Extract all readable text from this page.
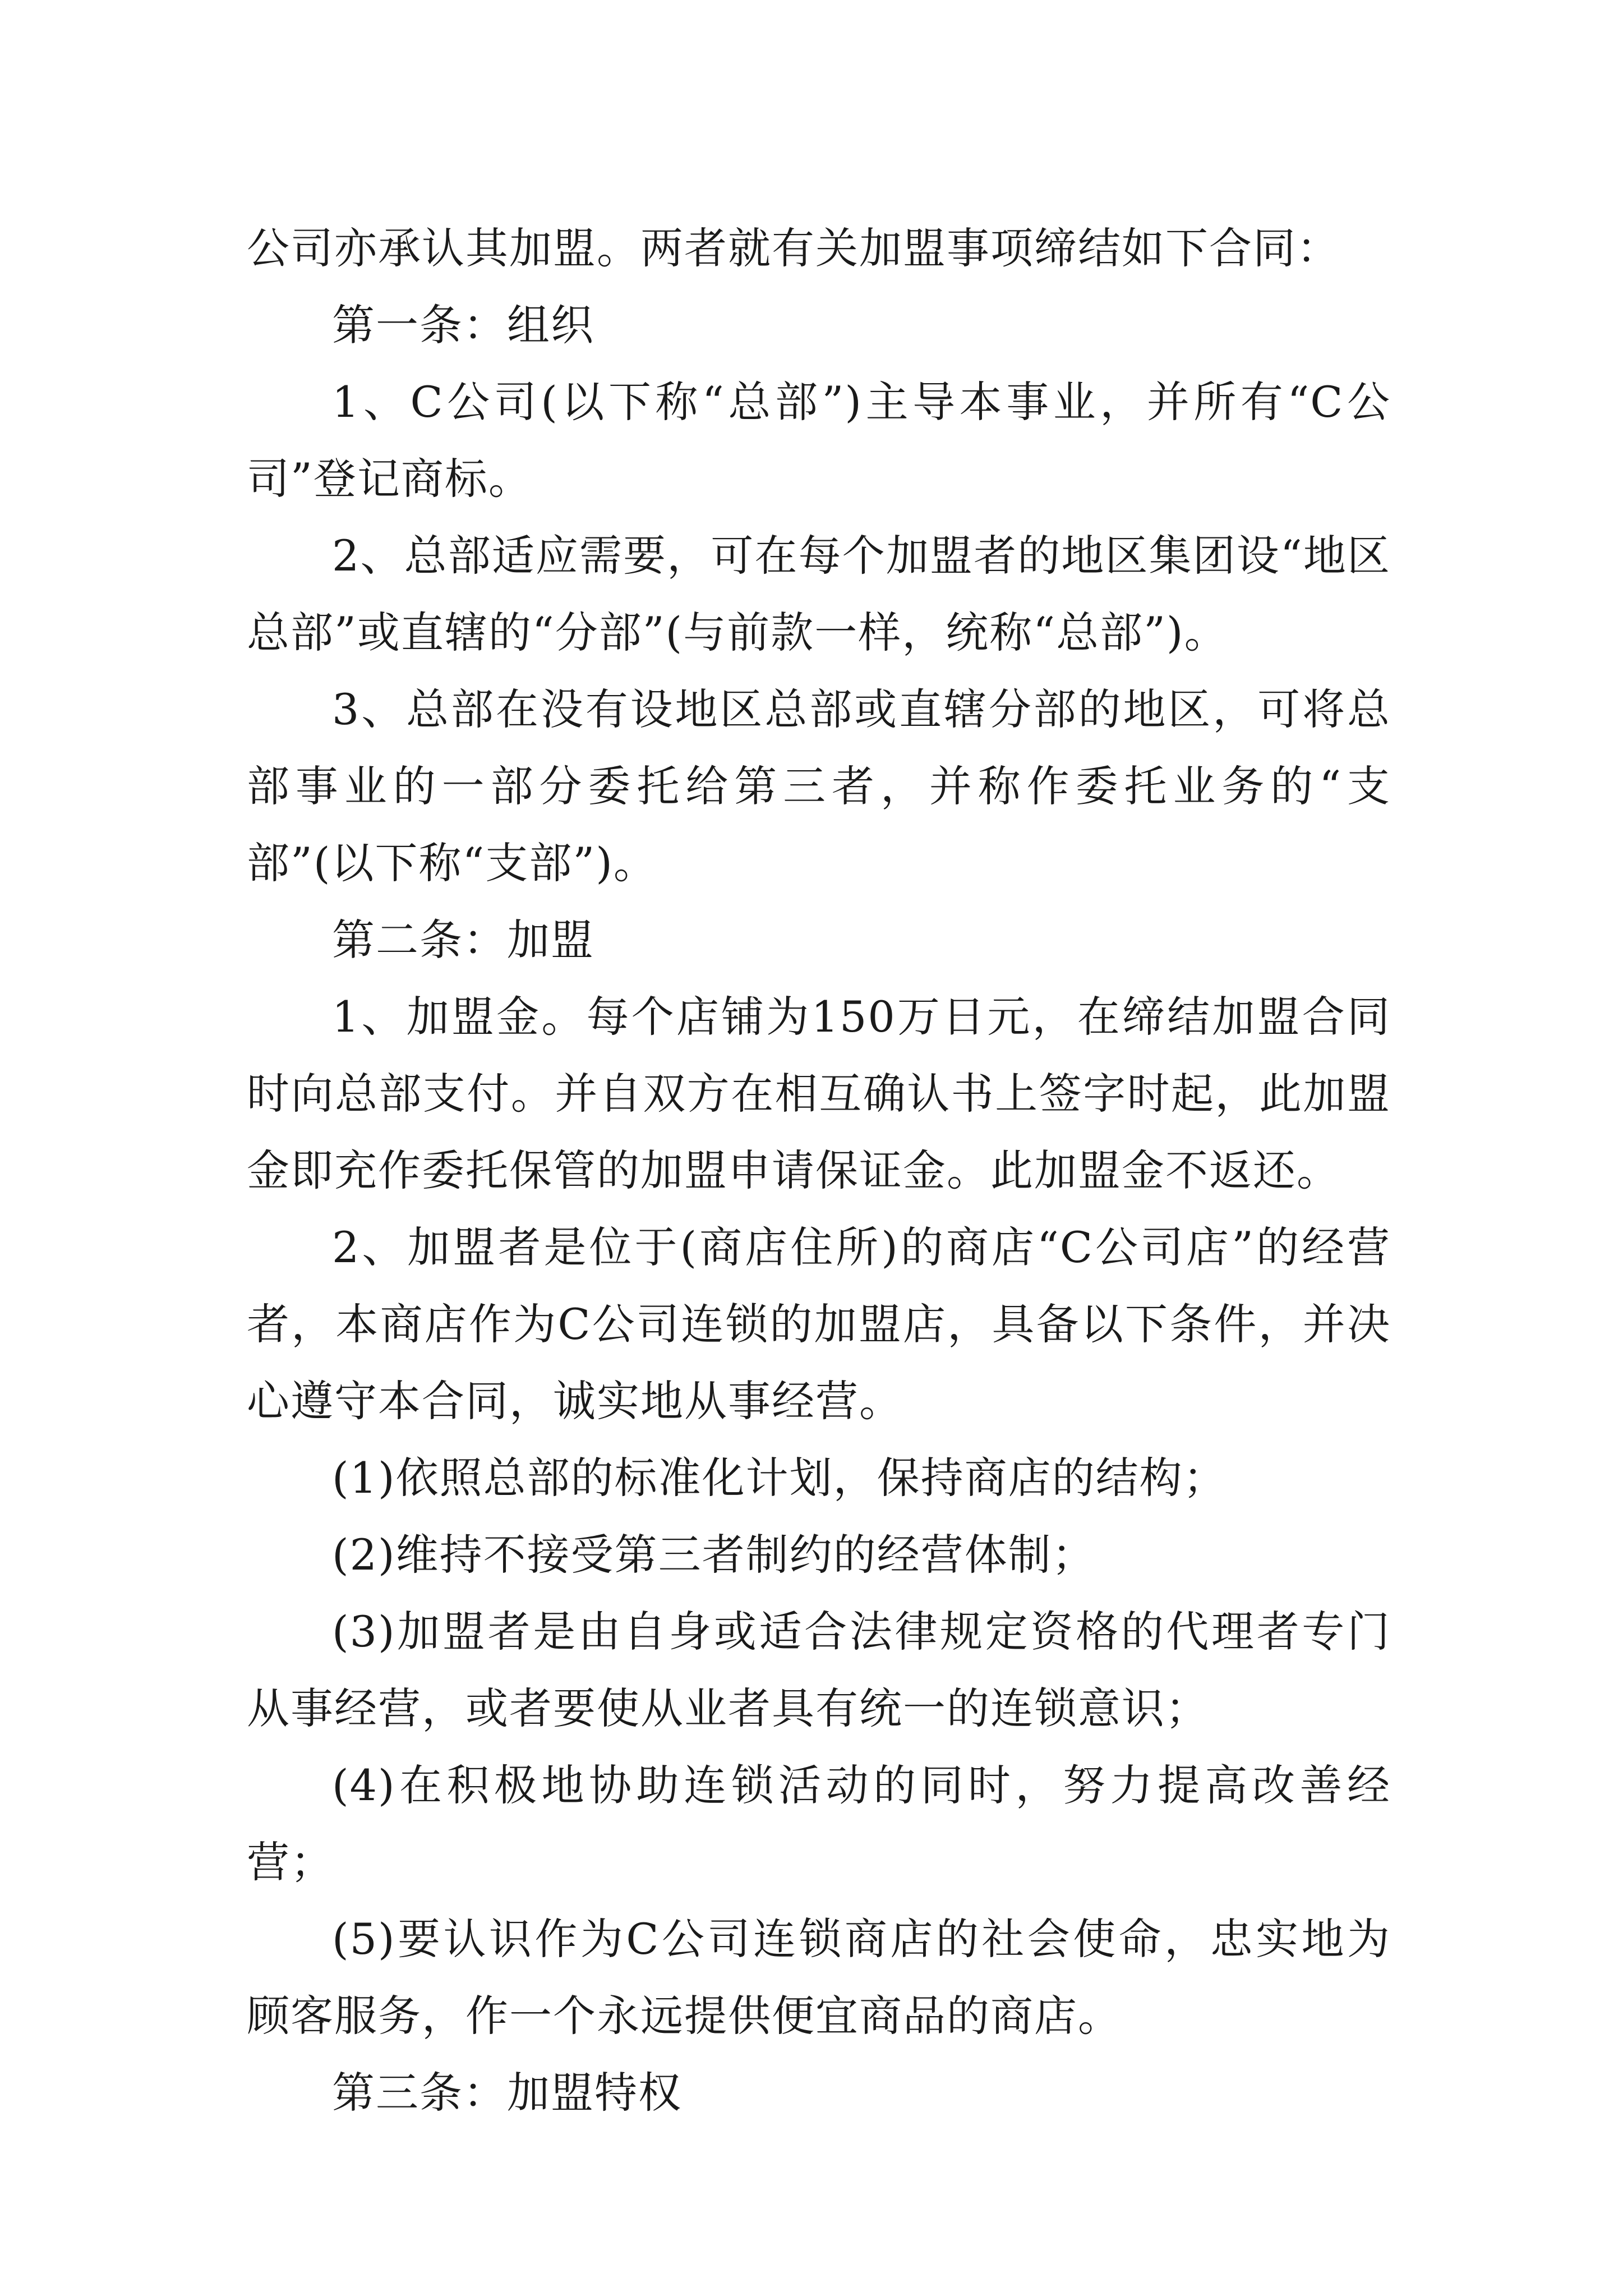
公司亦承认其加盟。两者就有关加盟事项缔结如下合同：

第一条：组织

1、C公司(以下称“总部”)主导本事业，并所有“C公司”登记商标。

2、总部适应需要，可在每个加盟者的地区集团设“地区总部”或直辖的“分部”(与前款一样，统称“总部”)。

3、总部在没有设地区总部或直辖分部的地区，可将总部事业的一部分委托给第三者，并称作委托业务的“支部”(以下称“支部”)。

第二条：加盟

1、加盟金。每个店铺为150万日元，在缔结加盟合同时向总部支付。并自双方在相互确认书上签字时起，此加盟金即充作委托保管的加盟申请保证金。此加盟金不返还。

2、加盟者是位于(商店住所)的商店“C公司店”的经营者，本商店作为C公司连锁的加盟店，具备以下条件，并决心遵守本合同，诚实地从事经营。

(1)依照总部的标准化计划，保持商店的结构；

(2)维持不接受第三者制约的经营体制；

(3)加盟者是由自身或适合法律规定资格的代理者专门从事经营，或者要使从业者具有统一的连锁意识；

(4)在积极地协助连锁活动的同时，努力提高改善经营；

(5)要认识作为C公司连锁商店的社会使命，忠实地为顾客服务，作一个永远提供便宜商品的商店。

第三条：加盟特权
